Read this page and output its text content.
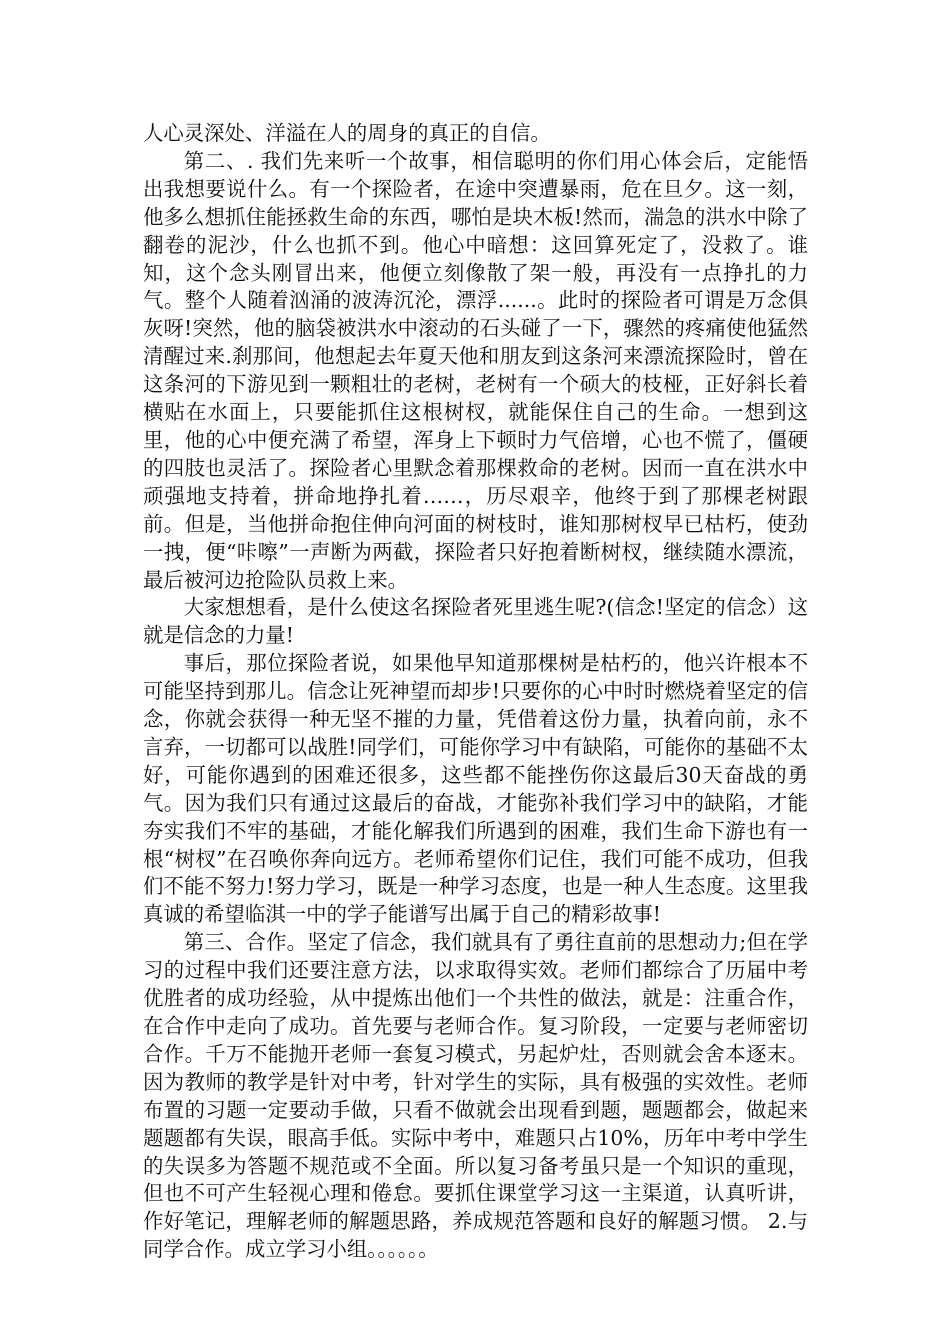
人心灵深处、洋溢在人的周身的真正的自信。

第二、. 我们先来听一个故事，相信聪明的你们用心体会后，定能悟出我想要说什么。有一个探险者，在途中突遭暴雨，危在旦夕。这一刻，他多么想抓住能拯救生命的东西，哪怕是块木板!然而，湍急的洪水中除了翻卷的泥沙，什么也抓不到。他心中暗想：这回算死定了，没救了。谁知，这个念头刚冒出来，他便立刻像散了架一般，再没有一点挣扎的力气。整个人随着汹涌的波涛沉沦，漂浮......。此时的探险者可谓是万念俱灰呀!突然，他的脑袋被洪水中滚动的石头碰了一下，骤然的疼痛使他猛然清醒过来.刹那间，他想起去年夏天他和朋友到这条河来漂流探险时，曾在这条河的下游见到一颗粗壮的老树，老树有一个硕大的枝桠，正好斜长着横贴在水面上，只要能抓住这根树杈，就能保住自己的生命。一想到这里，他的心中便充满了希望，浑身上下顿时力气倍增，心也不慌了，僵硬的四肢也灵活了。探险者心里默念着那棵救命的老树。因而一直在洪水中顽强地支持着，拼命地挣扎着……，历尽艰辛，他终于到了那棵老树跟前。但是，当他拼命抱住伸向河面的树枝时，谁知那树杈早已枯朽，使劲一拽，便“咔嚓”一声断为两截，探险者只好抱着断树杈，继续随水漂流，最后被河边抢险队员救上来。

大家想想看，是什么使这名探险者死里逃生呢?(信念!坚定的信念）这就是信念的力量!

事后，那位探险者说，如果他早知道那棵树是枯朽的，他兴许根本不可能坚持到那儿。信念让死神望而却步!只要你的心中时时燃烧着坚定的信念，你就会获得一种无坚不摧的力量，凭借着这份力量，执着向前，永不言弃，一切都可以战胜!同学们，可能你学习中有缺陷，可能你的基础不太好，可能你遇到的困难还很多，这些都不能挫伤你这最后30天奋战的勇气。因为我们只有通过这最后的奋战，才能弥补我们学习中的缺陷，才能夯实我们不牢的基础，才能化解我们所遇到的困难，我们生命下游也有一根“树杈”在召唤你奔向远方。老师希望你们记住，我们可能不成功，但我们不能不努力!努力学习，既是一种学习态度，也是一种人生态度。这里我真诚的希望临淇一中的学子能谱写出属于自己的精彩故事!

第三、合作。坚定了信念，我们就具有了勇往直前的思想动力;但在学习的过程中我们还要注意方法，以求取得实效。老师们都综合了历届中考优胜者的成功经验，从中提炼出他们一个共性的做法，就是：注重合作，在合作中走向了成功。首先要与老师合作。复习阶段，一定要与老师密切合作。千万不能抛开老师一套复习模式，另起炉灶，否则就会舍本逐末。因为教师的教学是针对中考，针对学生的实际，具有极强的实效性。老师布置的习题一定要动手做，只看不做就会出现看到题，题题都会，做起来题题都有失误，眼高手低。实际中考中，难题只占10%，历年中考中学生的失误多为答题不规范或不全面。所以复习备考虽只是一个知识的重现，但也不可产生轻视心理和倦怠。要抓住课堂学习这一主渠道，认真听讲，作好笔记，理解老师的解题思路，养成规范答题和良好的解题习惯。 2.与同学合作。成立学习小组。。。。。。
